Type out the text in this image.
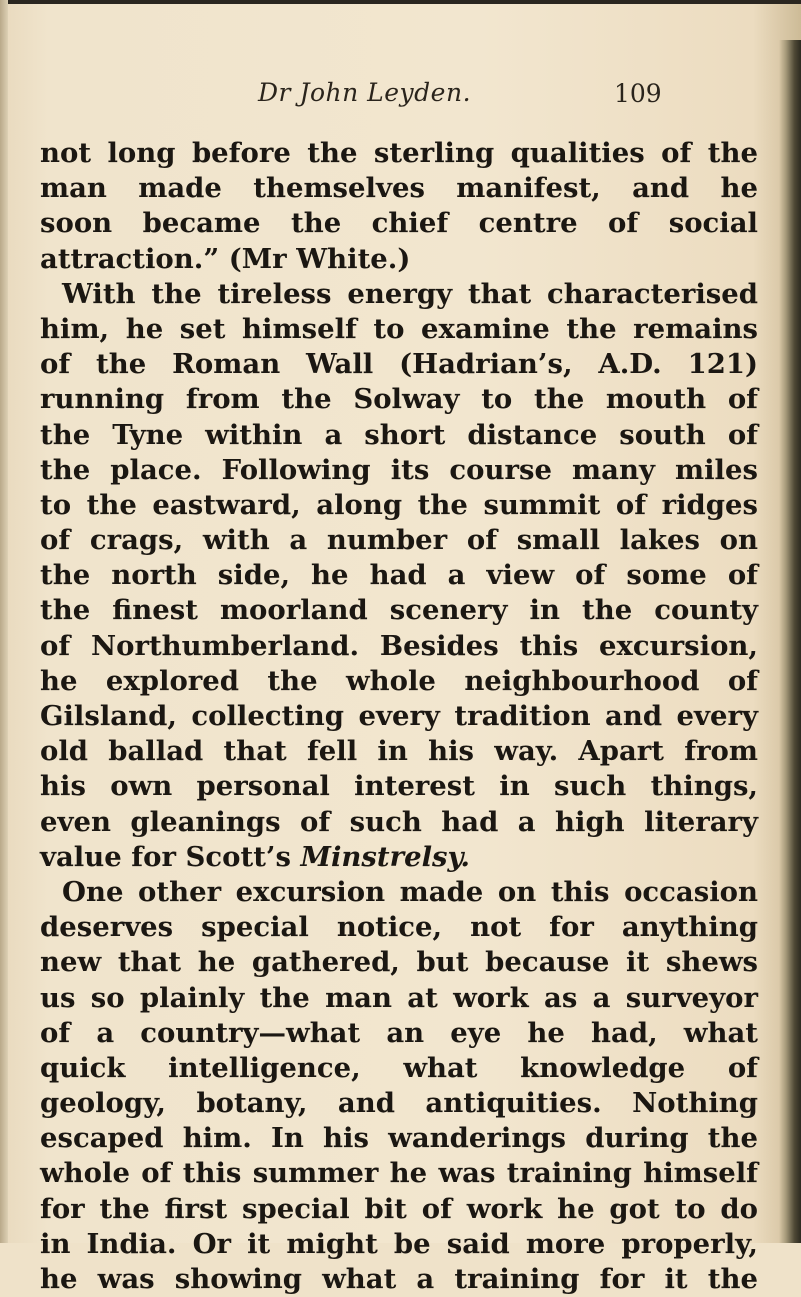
Dr John Leyden.	109
not long before the sterling qualities of the
man made themselves manifest, and he
soon became the chief centre of social
attraction.” (Mr White.)
With the tireless energy that characterised
him, he set himself to examine the remains
of the Roman Wall (Hadrian’s, A.D. 121)
running from the Solway to the mouth of
the Tyne within a short distance south of
the place. Following its course many miles
to the eastward, along the summit of ridges
of crags, with a number of small lakes on
the north side, he had a view of some of
the finest moorland scenery in the county
of Northumberland. Besides this excursion,
he explored the whole neighbourhood of
Gilsland, collecting every tradition and every
old ballad that fell in his way. Apart from
his own personal interest in such things,
even gleanings of such had a high literary
value for Scott’s Minstrelsy.
One other excursion made on this occasion
deserves special notice, not for anything
new that he gathered, but because it shews
us so plainly the man at work as a surveyor
of a country—what an eye he had, what
quick intelligence, what knowledge of
geology, botany, and antiquities. Nothing
escaped him. In his wanderings during the
whole of this summer he was training himself
for the first special bit of work he got to do
in India. Or it might be said more properly,
he was showing what a training for it the
